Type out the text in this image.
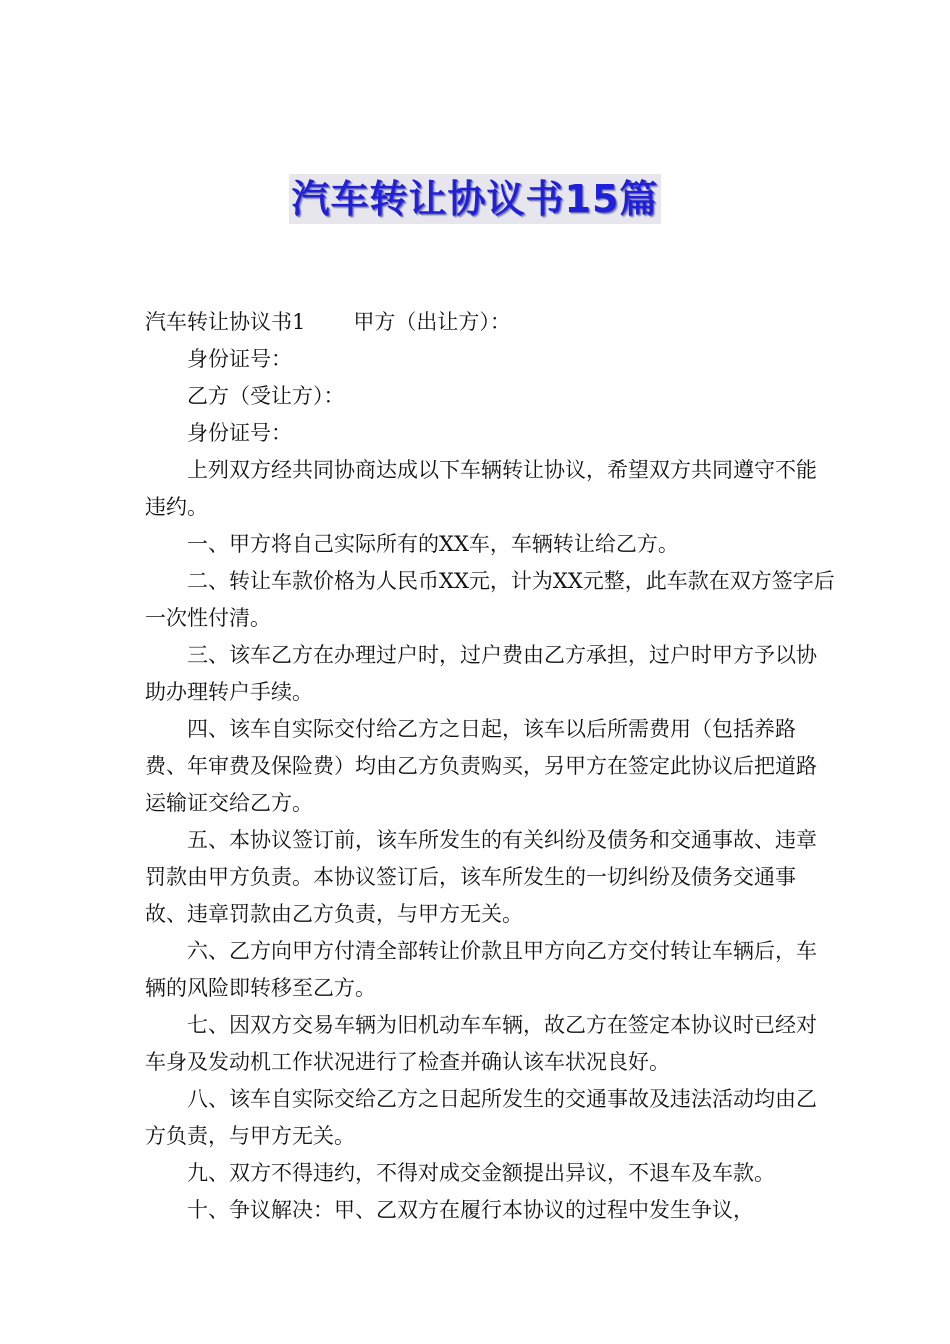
汽车转让协议书15篇

汽车转让协议书1 甲方（出让方）：

身份证号：

乙方（受让方）：

身份证号：

上列双方经共同协商达成以下车辆转让协议，希望双方共同遵守不能违约。

一、甲方将自己实际所有的XX车，车辆转让给乙方。

二、转让车款价格为人民币XX元，计为XX元整，此车款在双方签字后一次性付清。

三、该车乙方在办理过户时，过户费由乙方承担，过户时甲方予以协助办理转户手续。

四、该车自实际交付给乙方之日起，该车以后所需费用（包括养路费、年审费及保险费）均由乙方负责购买，另甲方在签定此协议后把道路运输证交给乙方。

五、本协议签订前，该车所发生的有关纠纷及债务和交通事故、违章罚款由甲方负责。本协议签订后，该车所发生的一切纠纷及债务交通事故、违章罚款由乙方负责，与甲方无关。

六、乙方向甲方付清全部转让价款且甲方向乙方交付转让车辆后，车辆的风险即转移至乙方。

七、因双方交易车辆为旧机动车车辆，故乙方在签定本协议时已经对车身及发动机工作状况进行了检查并确认该车状况良好。

八、该车自实际交给乙方之日起所发生的交通事故及违法活动均由乙方负责，与甲方无关。

九、双方不得违约，不得对成交金额提出异议，不退车及车款。

十、争议解决：甲、乙双方在履行本协议的过程中发生争议，
